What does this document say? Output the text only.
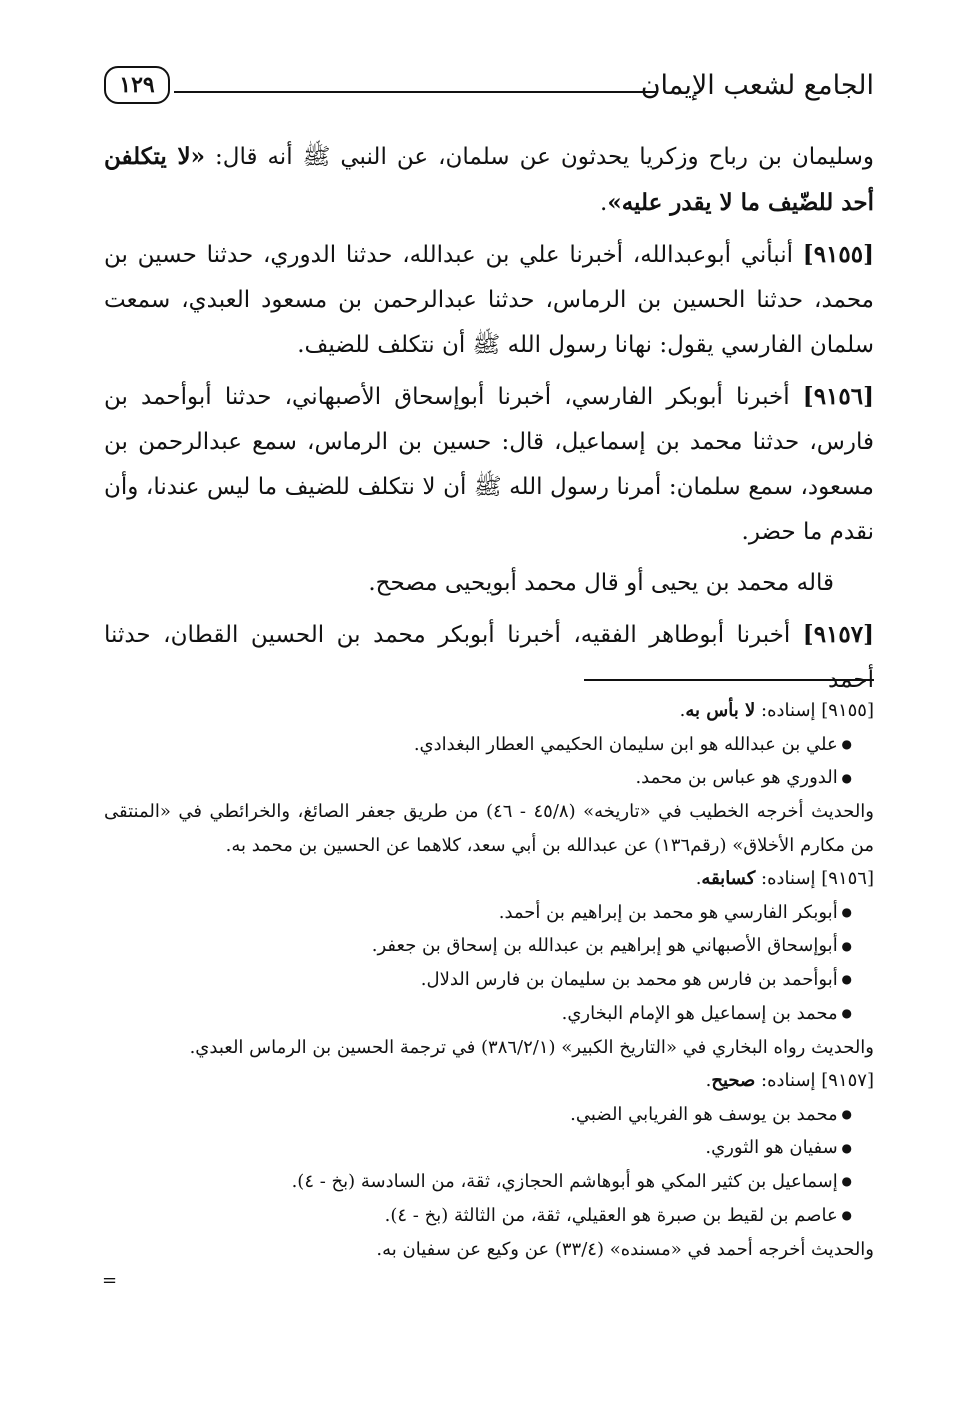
الجامع لشعب الإيمان
١٢٩

وسليمان بن رباح وزكريا يحدثون عن سلمان، عن النبي ﷺ أنه قال: «لا يتكلفن أحد للضّيف ما لا يقدر عليه».

[٩١٥٥] أنبأني أبوعبدالله، أخبرنا علي بن عبدالله، حدثنا الدوري، حدثنا حسين بن محمد، حدثنا الحسين بن الرماس، حدثنا عبدالرحمن بن مسعود العبدي، سمعت سلمان الفارسي يقول: نهانا رسول الله ﷺ أن نتكلف للضيف.

[٩١٥٦] أخبرنا أبوبكر الفارسي، أخبرنا أبوإسحاق الأصبهاني، حدثنا أبوأحمد بن فارس، حدثنا محمد بن إسماعيل، قال: حسين بن الرماس، سمع عبدالرحمن بن مسعود، سمع سلمان: أمرنا رسول الله ﷺ أن لا نتكلف للضيف ما ليس عندنا، وأن نقدم ما حضر.

قاله محمد بن يحيى أو قال محمد أبويحيى مصحح.

[٩١٥٧] أخبرنا أبوطاهر الفقيه، أخبرنا أبوبكر محمد بن الحسين القطان، حدثنا أحمد

[٩١٥٥] إسناده: لا بأس به.

● علي بن عبدالله هو ابن سليمان الحكيمي العطار البغدادي.

● الدوري هو عباس بن محمد.

والحديث أخرجه الخطيب في «تاريخه» (٤٥/٨ - ٤٦) من طريق جعفر الصائغ، والخرائطي في «المنتقى من مكارم الأخلاق» (رقم١٣٦) عن عبدالله بن أبي سعد، كلاهما عن الحسين بن محمد به.

[٩١٥٦] إسناده: كسابقه.

● أبوبكر الفارسي هو محمد بن إبراهيم بن أحمد.

● أبوإسحاق الأصبهاني هو إبراهيم بن عبدالله بن إسحاق بن جعفر.

● أبوأحمد بن فارس هو محمد بن سليمان بن فارس الدلال.

● محمد بن إسماعيل هو الإمام البخاري.

والحديث رواه البخاري في «التاريخ الكبير» (٣٨٦/٢/١) في ترجمة الحسين بن الرماس العبدي.

[٩١٥٧] إسناده: صحيح.

● محمد بن يوسف هو الفريابي الضبي.

● سفيان هو الثوري.

● إسماعيل بن كثير المكي هو أبوهاشم الحجازي، ثقة، من السادسة (بخ - ٤).

● عاصم بن لقيط بن صبرة هو العقيلي، ثقة، من الثالثة (بخ - ٤).

والحديث أخرجه أحمد في «مسنده» (٣٣/٤) عن وكيع عن سفيان به.

=
